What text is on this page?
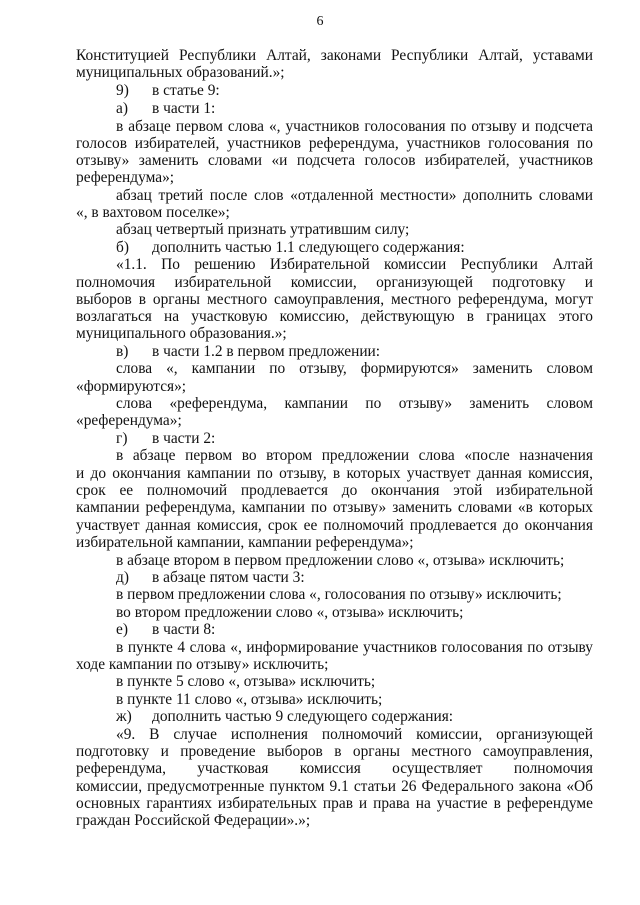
6
Конституцией Республики Алтай, законами Республики Алтай, уставами
муниципальных образований.»;
9) в статье 9:
а) в части 1:
в абзаце первом слова «, участников голосования по отзыву и подсчета
голосов избирателей, участников референдума, участников голосования по
отзыву» заменить словами «и подсчета голосов избирателей, участников
референдума»;
абзац третий после слов «отдаленной местности» дополнить словами
«, в вахтовом поселке»;
абзац четвертый признать утратившим силу;
б) дополнить частью 1.1 следующего содержания:
«1.1. По решению Избирательной комиссии Республики Алтай
полномочия избирательной комиссии, организующей подготовку и
выборов в органы местного самоуправления, местного референдума, могут
возлагаться на участковую комиссию, действующую в границах этого
муниципального образования.»;
в) в части 1.2 в первом предложении:
слова «, кампании по отзыву, формируются» заменить словом
«формируются»;
слова «референдума, кампании по отзыву» заменить словом
«референдума»;
г) в части 2:
в абзаце первом во втором предложении слова «после назначения
и до окончания кампании по отзыву, в которых участвует данная комиссия,
срок ее полномочий продлевается до окончания этой избирательной
кампании референдума, кампании по отзыву» заменить словами «в которых
участвует данная комиссия, срок ее полномочий продлевается до окончания
избирательной кампании, кампании референдума»;
в абзаце втором в первом предложении слово «, отзыва» исключить;
д) в абзаце пятом части 3:
в первом предложении слова «, голосования по отзыву» исключить;
во втором предложении слово «, отзыва» исключить;
е) в части 8:
в пункте 4 слова «, информирование участников голосования по отзыву
ходе кампании по отзыву» исключить;
в пункте 5 слово «, отзыва» исключить;
в пункте 11 слово «, отзыва» исключить;
ж) дополнить частью 9 следующего содержания:
«9. В случае исполнения полномочий комиссии, организующей
подготовку и проведение выборов в органы местного самоуправления,
референдума, участковая комиссия осуществляет полномочия
комиссии, предусмотренные пунктом 9.1 статьи 26 Федерального закона «Об
основных гарантиях избирательных прав и права на участие в референдуме
граждан Российской Федерации».»;
